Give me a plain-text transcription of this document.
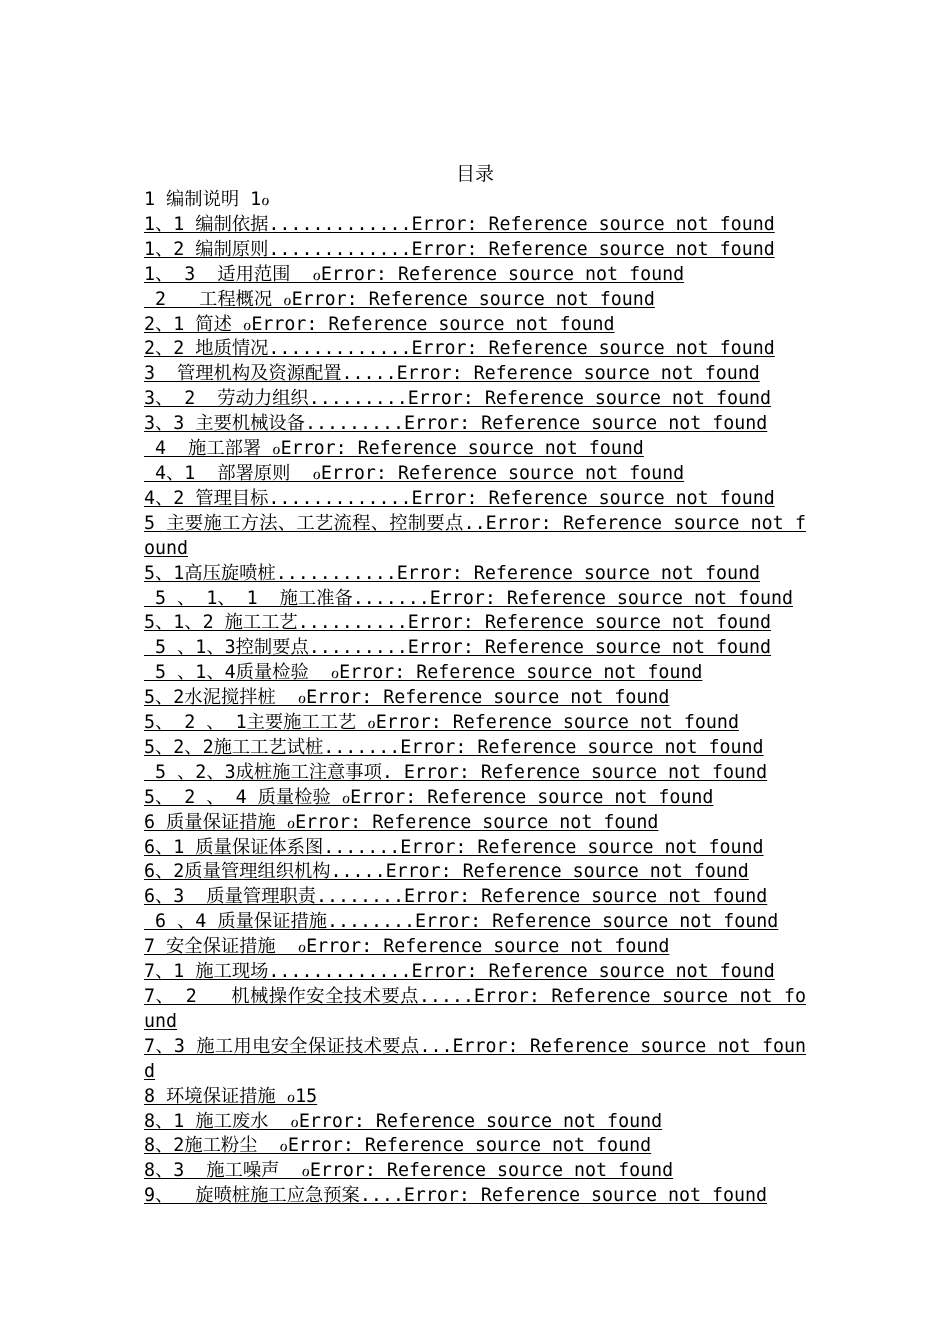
目录
1 编制说明 1ℴ
1、1 编制依据.............Error: Reference source not found
1、2 编制原则.............Error: Reference source not found
1、 3  适用范围  ℴError: Reference source not found
2   工程概况 ℴError: Reference source not found
2、1 简述 ℴError: Reference source not found
2、2 地质情况.............Error: Reference source not found
3  管理机构及资源配置.....Error: Reference source not found
3、 2  劳动力组织.........Error: Reference source not found
3、3 主要机械设备.........Error: Reference source not found
4  施工部署 ℴError: Reference source not found
4、1  部署原则  ℴError: Reference source not found
4、2 管理目标.............Error: Reference source not found
5 主要施工方法、工艺流程、控制要点..Error: Reference source not found
5、1高压旋喷桩...........Error: Reference source not found
5 、 1、 1  施工准备.......Error: Reference source not found
5、1、2 施工工艺..........Error: Reference source not found
5 、1、3控制要点.........Error: Reference source not found
5 、1、4质量检验  ℴError: Reference source not found
5、2水泥搅拌桩  ℴError: Reference source not found
5、 2 、 1主要施工工艺 ℴError: Reference source not found
5、2、2施工工艺试桩.......Error: Reference source not found
5 、2、3成桩施工注意事项. Error: Reference source not found
5、 2 、 4 质量检验 ℴError: Reference source not found
6 质量保证措施 ℴError: Reference source not found
6、1 质量保证体系图.......Error: Reference source not found
6、2质量管理组织机构.....Error: Reference source not found
6、3  质量管理职责........Error: Reference source not found
6 、4 质量保证措施........Error: Reference source not found
7 安全保证措施  ℴError: Reference source not found
7、1 施工现场.............Error: Reference source not found
7、 2   机械操作安全技术要点.....Error: Reference source not found
7、3 施工用电安全保证技术要点...Error: Reference source not found
8 环境保证措施 ℴ15
8、1 施工废水  ℴError: Reference source not found
8、2施工粉尘  ℴError: Reference source not found
8、3  施工噪声  ℴError: Reference source not found
9、  旋喷桩施工应急预案....Error: Reference source not found
